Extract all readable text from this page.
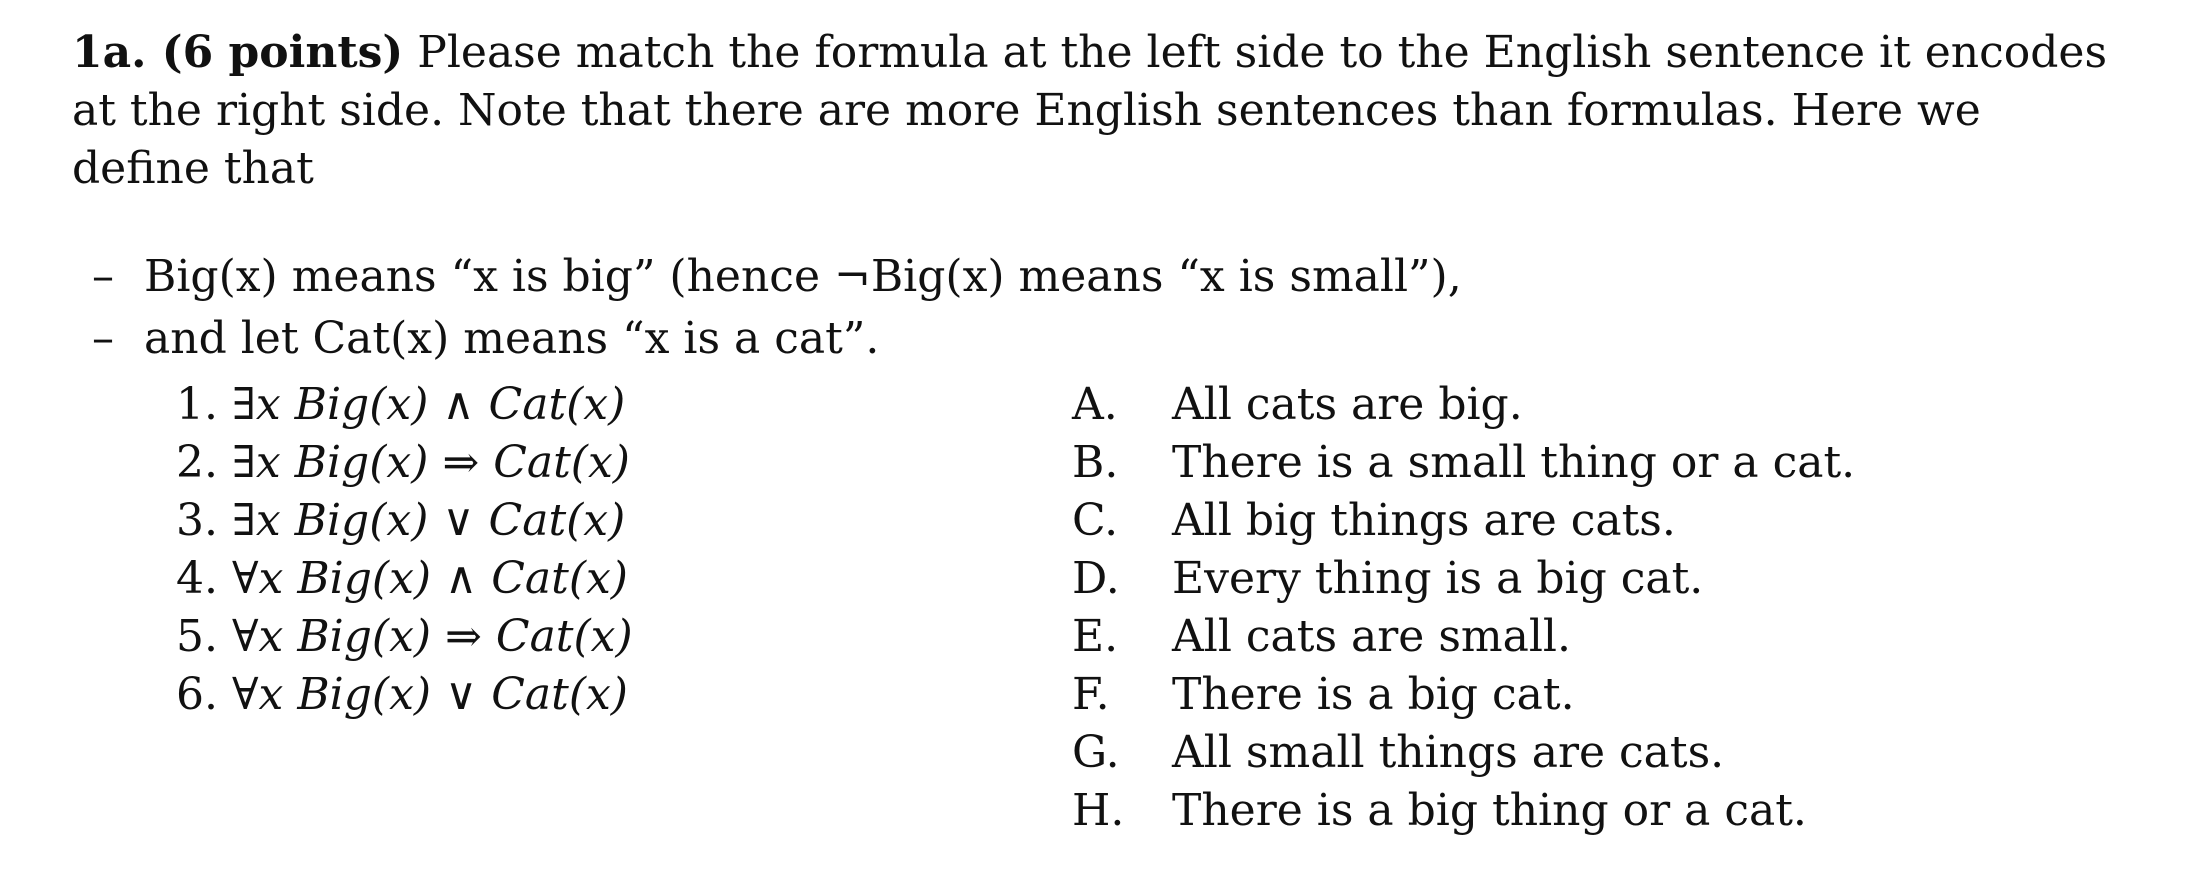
1a. (6 points) Please match the formula at the left side to the English sentence it encodes at the right side. Note that there are more English sentences than formulas. Here we define that

– Big(x) means “x is big” (hence ¬Big(x) means “x is small”),
– and let Cat(x) means “x is a cat”.
1. ∃x Big(x) ∧ Cat(x)
2. ∃x Big(x) ⇒ Cat(x)
3. ∃x Big(x) ∨ Cat(x)
4. ∀x Big(x) ∧ Cat(x)
5. ∀x Big(x) ⇒ Cat(x)
6. ∀x Big(x) ∨ Cat(x)
A. All cats are big.
B. There is a small thing or a cat.
C. All big things are cats.
D. Every thing is a big cat.
E. All cats are small.
F. There is a big cat.
G. All small things are cats.
H. There is a big thing or a cat.
